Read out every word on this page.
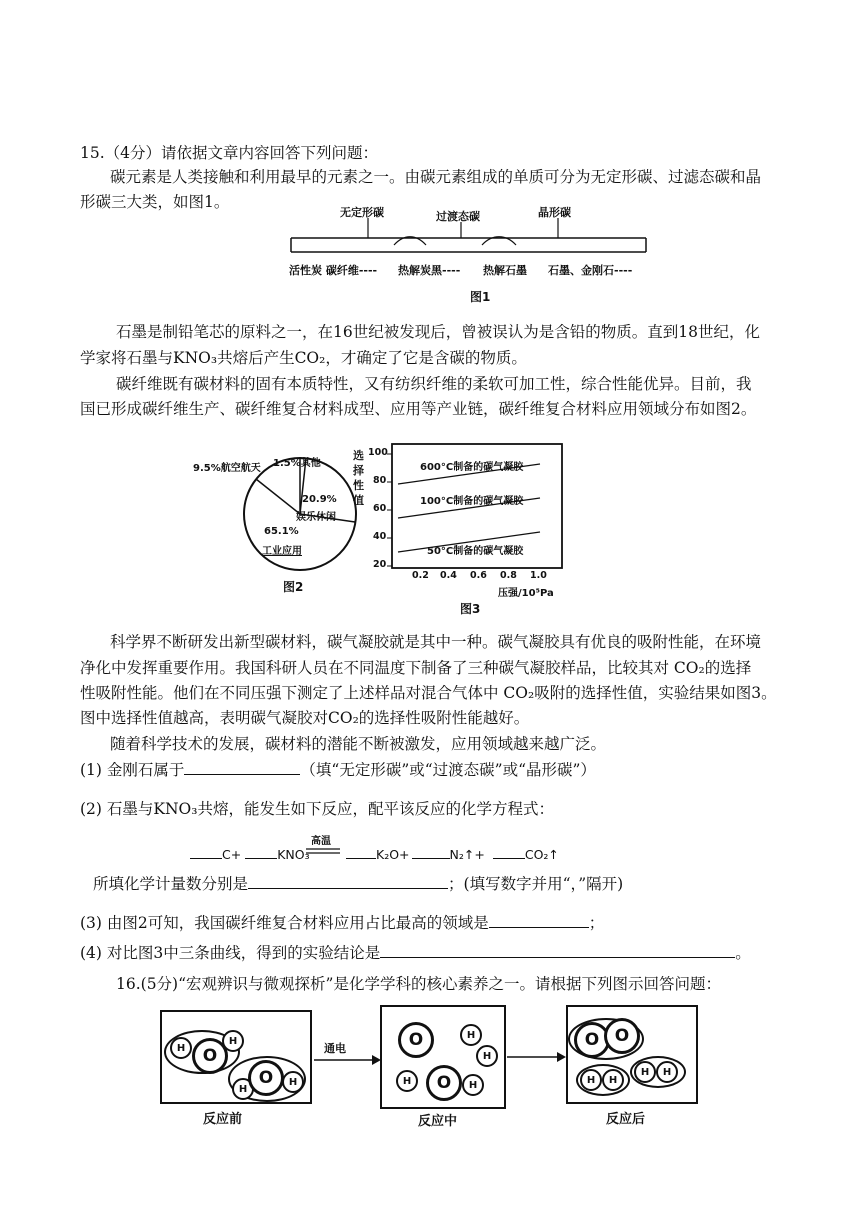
15.（4分）请依据文章内容回答下列问题：
碳元素是人类接触和利用最早的元素之一。由碳元素组成的单质可分为无定形碳、过滤态碳和晶
形碳三大类，如图1。
无定形碳	过渡态碳	晶形碳
活性炭 碳纤维---- 热解炭黑---- 热解石墨 石墨、金刚石----
图1
石墨是制铅笔芯的原料之一，在16世纪被发现后，曾被误认为是含铅的物质。直到18世纪，化
学家将石墨与KNO₃共熔后产生CO₂，才确定了它是含碳的物质。
碳纤维既有碳材料的固有本质特性，又有纺织纤维的柔软可加工性，综合性能优异。目前，我
国已形成碳纤维生产、碳纤维复合材料成型、应用等产业链，碳纤维复合材料应用领域分布如图2。
9.5%航空航天 1.5%其他
20.9%
娱乐休闲
65.1%
工业应用
图2
选择性值
100
80
60
40
20
0.2 0.4 0.6 0.8 1.0
压强/10⁵Pa
600°C制备的碳气凝胶
100°C制备的碳气凝胶
50°C制备的碳气凝胶
图3
科学界不断研发出新型碳材料，碳气凝胶就是其中一种。碳气凝胶具有优良的吸附性能，在环境
净化中发挥重要作用。我国科研人员在不同温度下制备了三种碳气凝胶样品，比较其对 CO₂的选择
性吸附性能。他们在不同压强下测定了上述样品对混合气体中 CO₂吸附的选择性值，实验结果如图3。
图中选择性值越高，表明碳气凝胶对CO₂的选择性吸附性能越好。
随着科学技术的发展，碳材料的潜能不断被激发，应用领域越来越广泛。
(1) 金刚石属于	（填“无定形碳”或“过渡态碳”或“晶形碳”）
(2) 石墨与KNO₃共熔，能发生如下反应，配平该反应的化学方程式：
C+	KNO₃
高温
K₂O+	N₂↑+	CO₂↑
所填化学计量数分别是	；(填写数字并用“，”隔开)
(3) 由图2可知，我国碳纤维复合材料应用占比最高的领域是	；
(4) 对比图3中三条曲线，得到的实验结论是	。
16.(5分)“宏观辨识与微观探析”是化学学科的核心素养之一。请根据下列图示回答问题：
H	O
H
H
O	H
反应前
通电	O	H
H
H	O	H
反应中
O O
H	H
H	H
反应后
